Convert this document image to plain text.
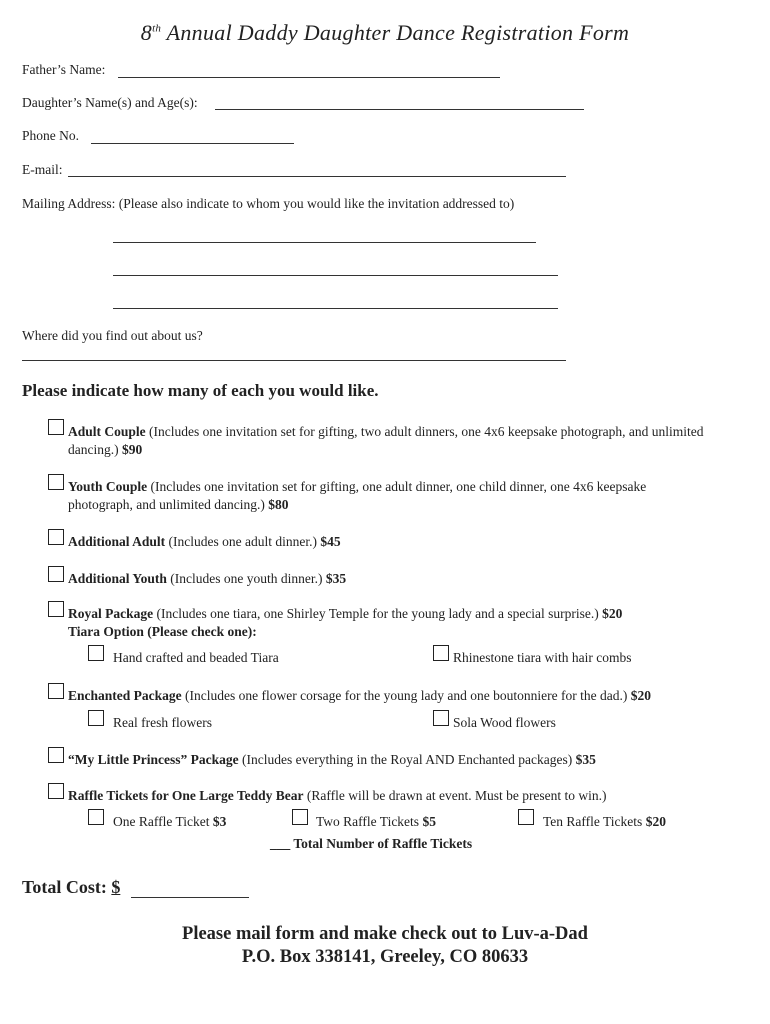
8th Annual Daddy Daughter Dance Registration Form
Father’s Name:
Daughter’s Name(s) and Age(s):
Phone No.
E-mail:
Mailing Address: (Please also indicate to whom you would like the invitation addressed to)
Where did you find out about us?
Please indicate how many of each you would like.
Adult Couple (Includes one invitation set for gifting, two adult dinners, one 4x6 keepsake photograph, and unlimited dancing.) $90
Youth Couple (Includes one invitation set for gifting, one adult dinner, one child dinner, one 4x6 keepsake photograph, and unlimited dancing.) $80
Additional Adult (Includes one adult dinner.) $45
Additional Youth (Includes one youth dinner.) $35
Royal Package (Includes one tiara, one Shirley Temple for the young lady and a special surprise.) $20
Tiara Option (Please check one):
Hand crafted and beaded Tiara	Rhinestone tiara with hair combs
Enchanted Package (Includes one flower corsage for the young lady and one boutonniere for the dad.) $20
Real fresh flowers	Sola Wood flowers
“My Little Princess” Package (Includes everything in the Royal AND Enchanted packages) $35
Raffle Tickets for One Large Teddy Bear (Raffle will be drawn at event. Must be present to win.)
One Raffle Ticket $3	Two Raffle Tickets $5	Ten Raffle Tickets $20
___ Total Number of Raffle Tickets
Total Cost: $
Please mail form and make check out to Luv-a-Dad
P.O. Box 338141, Greeley, CO 80633
